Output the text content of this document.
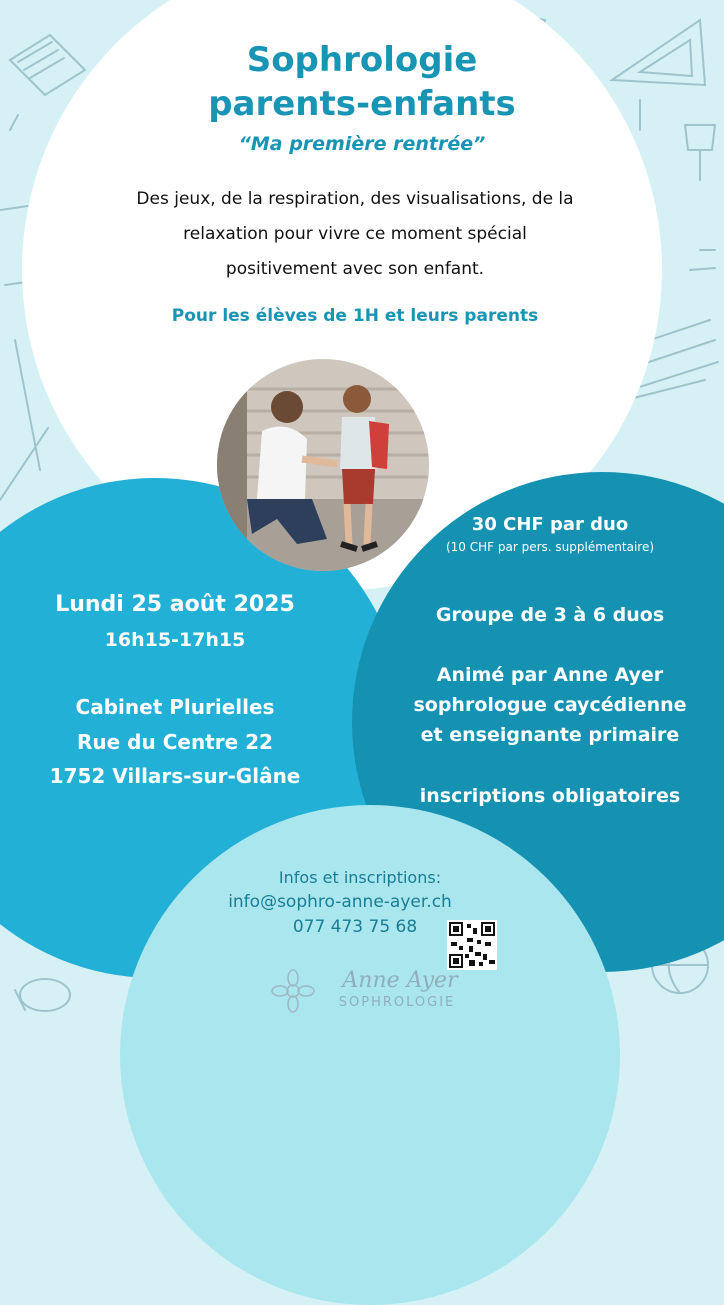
Sophrologie
parents-enfants
“Ma première rentrée”
Des jeux, de la respiration, des visualisations, de la
relaxation pour vivre ce moment spécial
positivement avec son enfant.
Pour les élèves de 1H et leurs parents
Lundi 25 août 2025
16h15-17h15
Cabinet Plurielles
Rue du Centre 22
1752 Villars-sur-Glâne
30 CHF par duo
(10 CHF par pers. supplémentaire)
Groupe de 3 à 6 duos
Animé par Anne Ayer
sophrologue caycédienne
et enseignante primaire
inscriptions obligatoires
Infos et inscriptions:
info@sophro-anne-ayer.ch
077 473 75 68
Anne Ayer
SOPHROLOGIE
